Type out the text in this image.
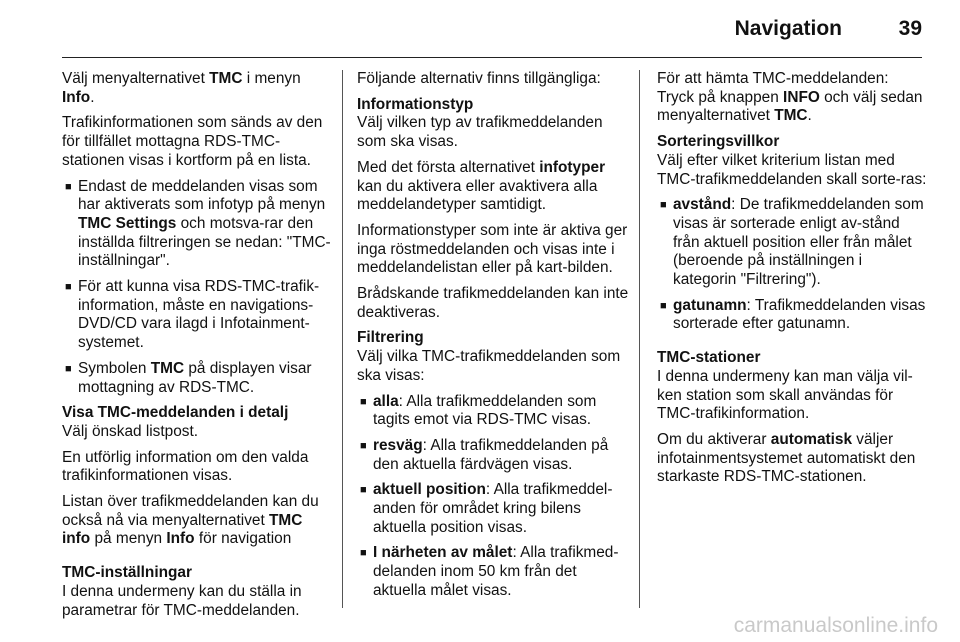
Navigation	39

Välj menyalternativet TMC i menyn Info.

Trafikinformationen som sänds av den för tillfället mottagna RDS-TMC-stationen visas i kortform på en lista.

■ Endast de meddelanden visas som har aktiverats som infotyp på menyn TMC Settings och motsva-rar den inställda filtreringen se nedan: "TMC-inställningar".
■ För att kunna visa RDS-TMC-trafik-information, måste en navigations-DVD/CD vara ilagd i Infotainment-systemet.
■ Symbolen TMC på displayen visar mottagning av RDS-TMC.
Visa TMC-meddelanden i detalj
Välj önskad listpost.

En utförlig information om den valda trafikinformationen visas.

Listan över trafikmeddelanden kan du också nå via menyalternativet TMC info på menyn Info för navigation

TMC-inställningar
I denna undermeny kan du ställa in parametrar för TMC-meddelanden.

Följande alternativ finns tillgängliga:

Informationstyp
Välj vilken typ av trafikmeddelanden som ska visas.

Med det första alternativet infotyper kan du aktivera eller avaktivera alla meddelandetyper samtidigt.

Informationstyper som inte är aktiva ger inga röstmeddelanden och visas inte i meddelandelistan eller på kart-bilden.

Brådskande trafikmeddelanden kan inte deaktiveras.

Filtrering
Välj vilka TMC-trafikmeddelanden som ska visas:
■ alla: Alla trafikmeddelanden som tagits emot via RDS-TMC visas.
■ resväg: Alla trafikmeddelanden på den aktuella färdvägen visas.
■ aktuell position: Alla trafikmeddel-anden för området kring bilens aktuella position visas.
■ I närheten av målet: Alla trafikmed-delanden inom 50 km från det aktuella målet visas.

För att hämta TMC-meddelanden: Tryck på knappen INFO och välj sedan menyalternativet TMC.

Sorteringsvillkor
Välj efter vilket kriterium listan med TMC-trafikmeddelanden skall sorte-ras:
■ avstånd: De trafikmeddelanden som visas är sorterade enligt av-stånd från aktuell position eller från målet (beroende på inställningen i kategorin "Filtrering").
■ gatunamn: Trafikmeddelanden visas sorterade efter gatunamn.
TMC-stationer
I denna undermeny kan man välja vil-ken station som skall användas för TMC-trafikinformation.

Om du aktiverar automatisk väljer infotainmentsystemet automatiskt den starkaste RDS-TMC-stationen.

carmanualsonline.info
